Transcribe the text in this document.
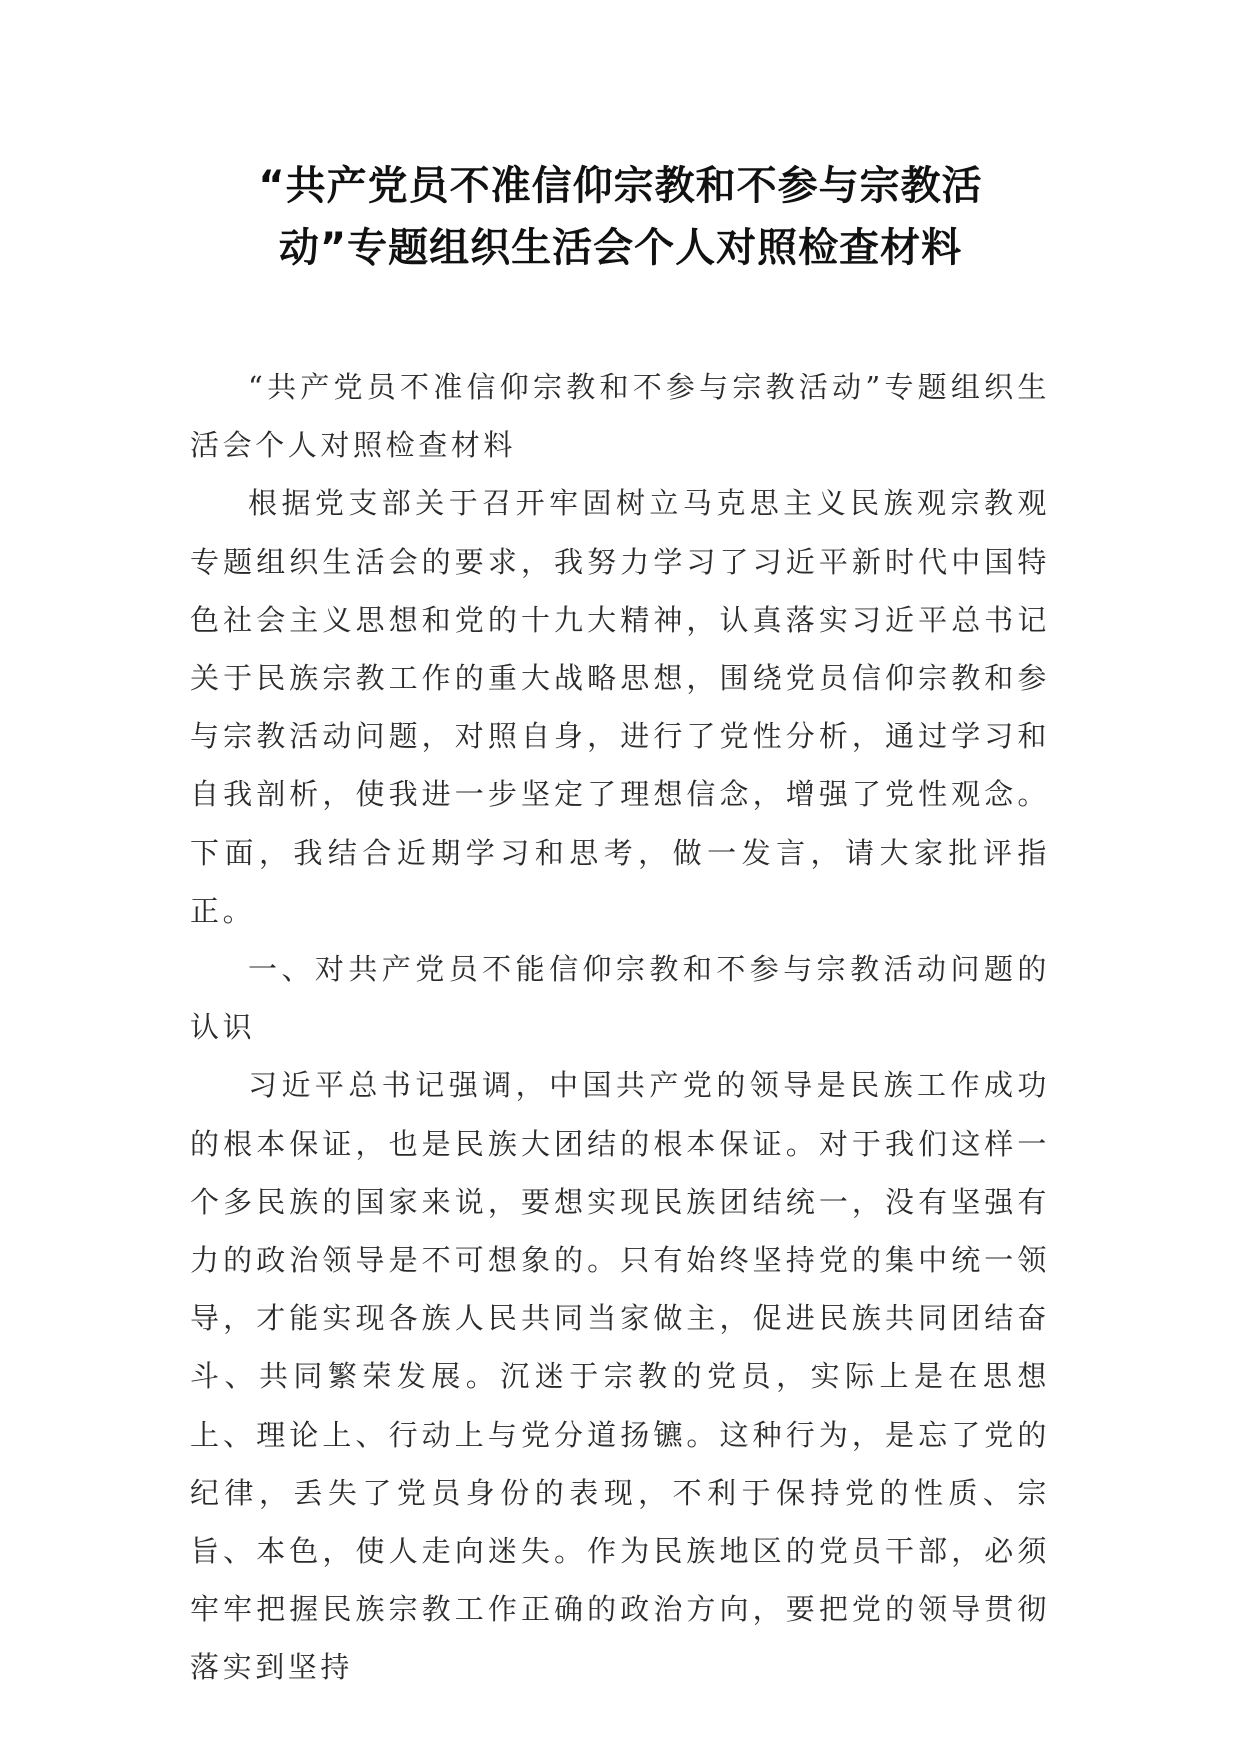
“共产党员不准信仰宗教和不参与宗教活
动”专题组织生活会个人对照检查材料

“共产党员不准信仰宗教和不参与宗教活动”专题组织生活会个人对照检查材料

根据党支部关于召开牢固树立马克思主义民族观宗教观专题组织生活会的要求，我努力学习了习近平新时代中国特色社会主义思想和党的十九大精神，认真落实习近平总书记关于民族宗教工作的重大战略思想，围绕党员信仰宗教和参与宗教活动问题，对照自身，进行了党性分析，通过学习和自我剖析，使我进一步坚定了理想信念，增强了党性观念。下面，我结合近期学习和思考，做一发言，请大家批评指正。

一、对共产党员不能信仰宗教和不参与宗教活动问题的认识

习近平总书记强调，中国共产党的领导是民族工作成功的根本保证，也是民族大团结的根本保证。对于我们这样一个多民族的国家来说，要想实现民族团结统一，没有坚强有力的政治领导是不可想象的。只有始终坚持党的集中统一领导，才能实现各族人民共同当家做主，促进民族共同团结奋斗、共同繁荣发展。沉迷于宗教的党员，实际上是在思想上、理论上、行动上与党分道扬镳。这种行为，是忘了党的纪律，丢失了党员身份的表现，不利于保持党的性质、宗旨、本色，使人走向迷失。作为民族地区的党员干部，必须牢牢把握民族宗教工作正确的政治方向，要把党的领导贯彻落实到坚持
